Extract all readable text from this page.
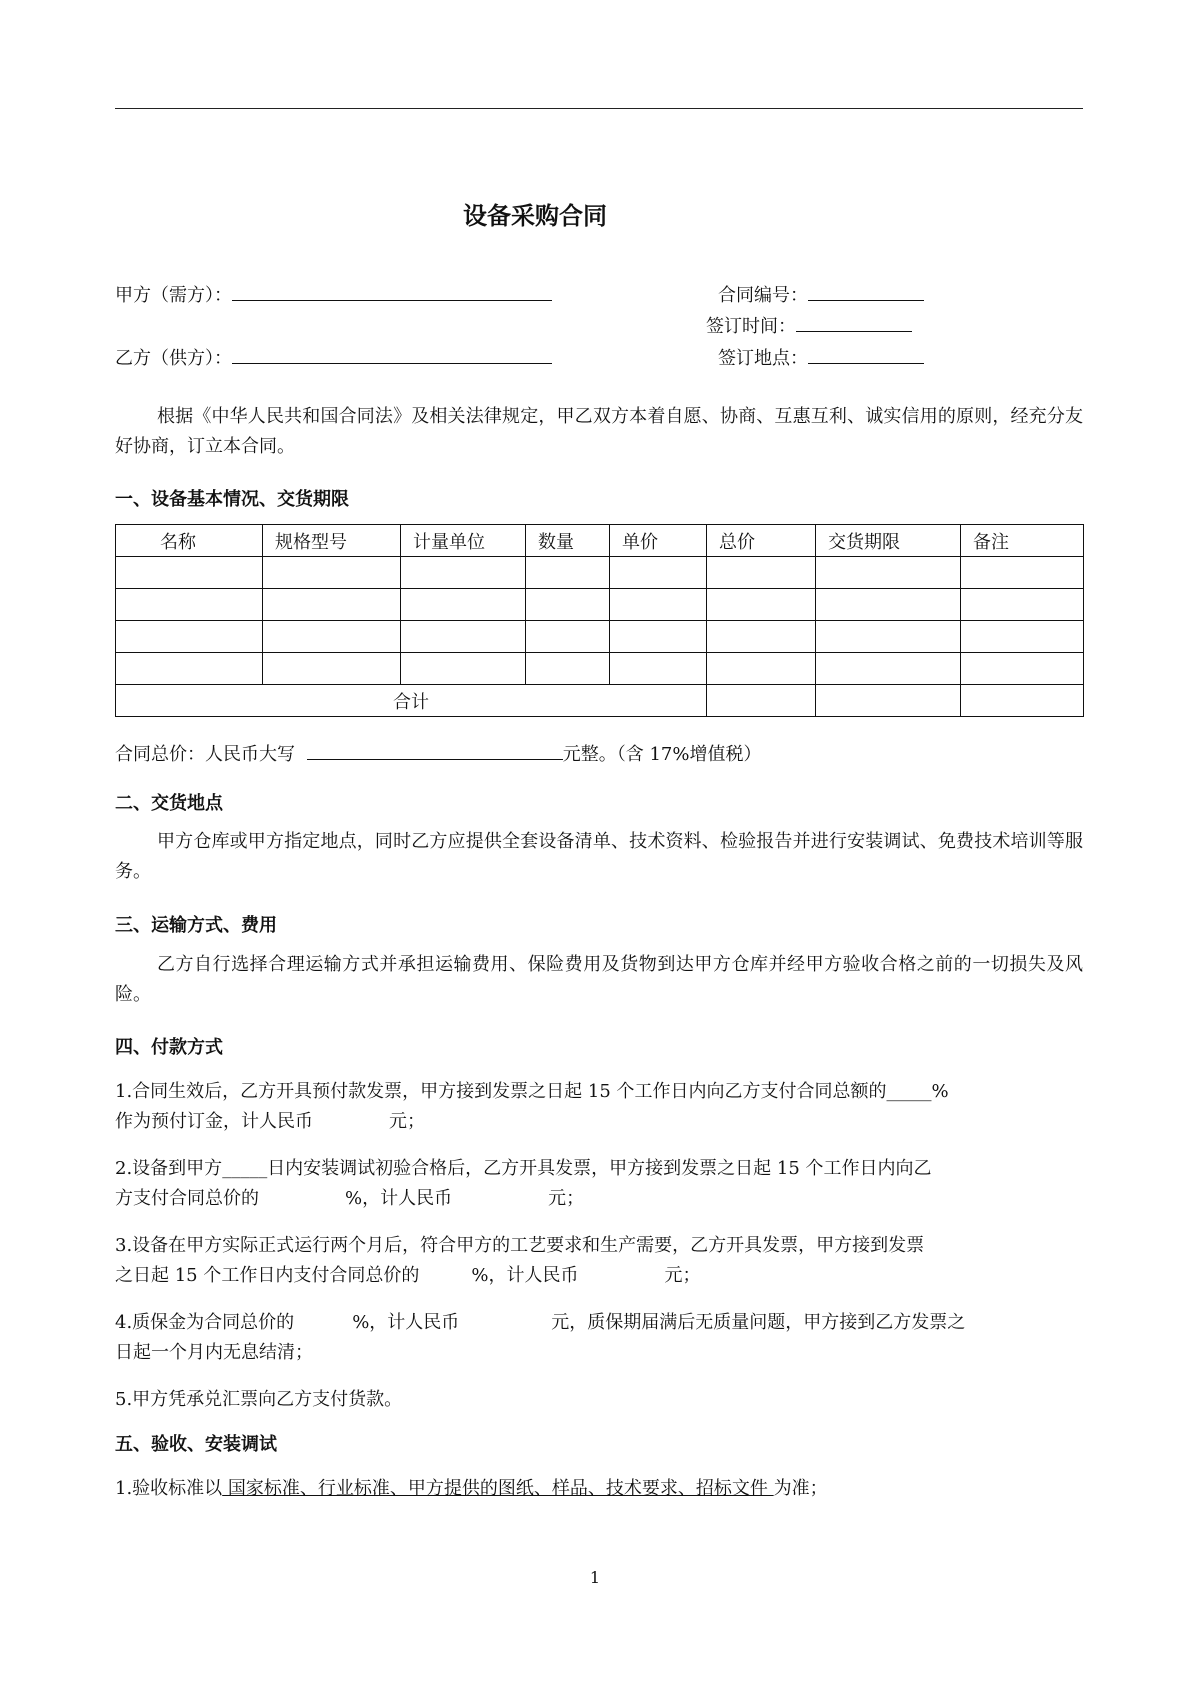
设备采购合同
甲方（需方）：	合同编号：
签订时间：
乙方（供方）：	签订地点：
根据《中华人民共和国合同法》及相关法律规定，甲乙双方本着自愿、协商、互惠互利、诚实信用的原则，经充分友好协商，订立本合同。
一、设备基本情况、交货期限
名称	规格型号	计量单位	数量	单价	总价	交货期限	备注

合计							
合同总价：人民币大写	元整。（含 17%增值税）
二、交货地点
甲方仓库或甲方指定地点，同时乙方应提供全套设备清单、技术资料、检验报告并进行安装调试、免费技术培训等服务。
三、运输方式、费用
乙方自行选择合理运输方式并承担运输费用、保险费用及货物到达甲方仓库并经甲方验收合格之前的一切损失及风险。
四、付款方式
1.合同生效后，乙方开具预付款发票，甲方接到发票之日起 15 个工作日内向乙方支付合同总额的_____%
作为预付订金，计人民币	元；
2.设备到甲方_____日内安装调试初验合格后，乙方开具发票，甲方接到发票之日起 15 个工作日内向乙
方支付合同总价的	%，计人民币	元；
3.设备在甲方实际正式运行两个月后，符合甲方的工艺要求和生产需要，乙方开具发票，甲方接到发票
之日起 15 个工作日内支付合同总价的	%，计人民币	元；
4.质保金为合同总价的	%，计人民币	元，质保期届满后无质量问题，甲方接到乙方发票之
日起一个月内无息结清；
5.甲方凭承兑汇票向乙方支付货款。
五、验收、安装调试
1.验收标准以 国家标准、行业标准、甲方提供的图纸、样品、技术要求、招标文件 为准；
1
